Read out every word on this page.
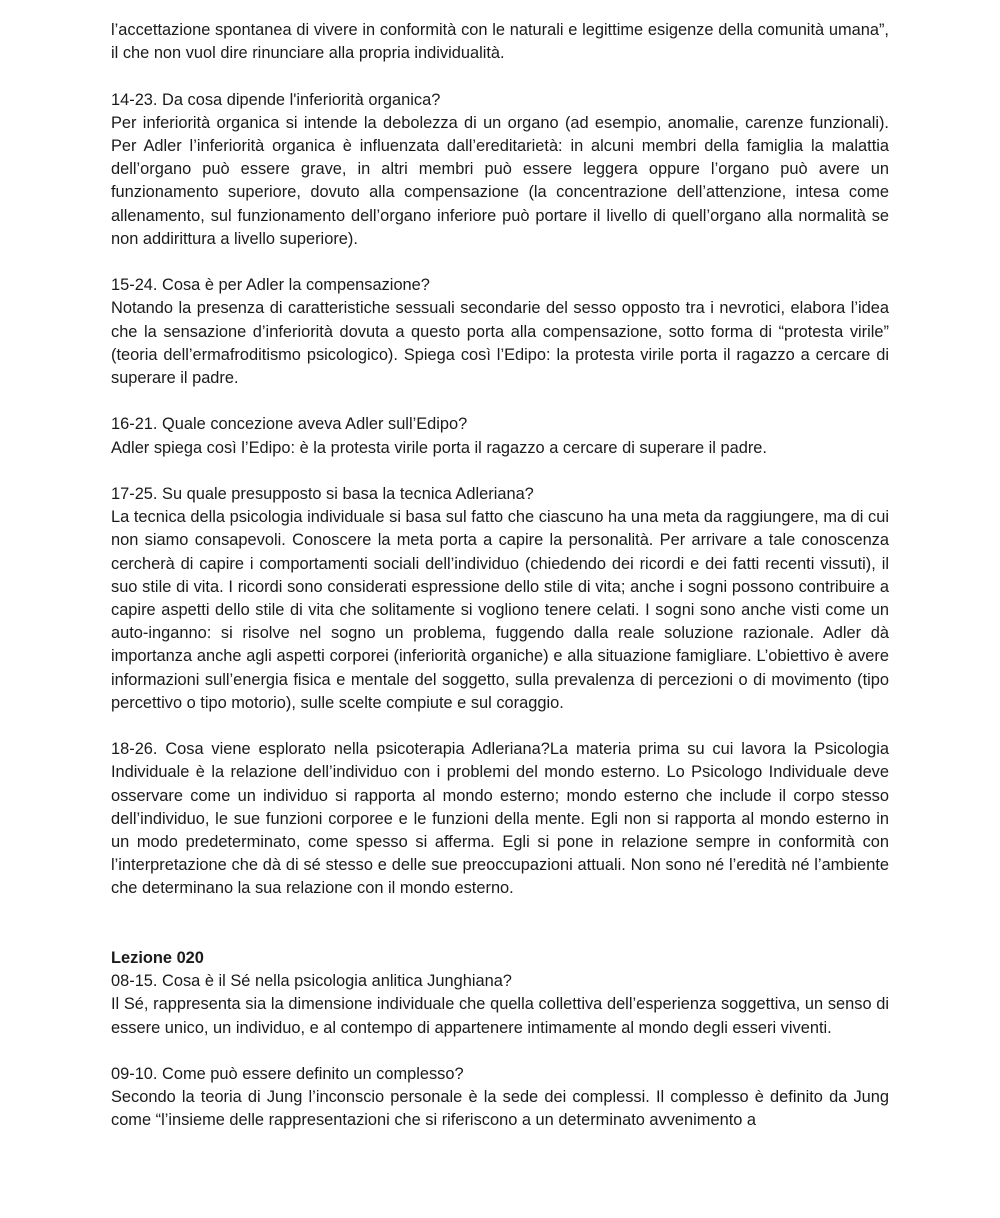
l’accettazione spontanea di vivere in conformità con le naturali e legittime esigenze della comunità umana”, il che non vuol dire rinunciare alla propria individualità.

14-23. Da cosa dipende l'inferiorità organica?

Per inferiorità organica si intende la debolezza di un organo (ad esempio, anomalie, carenze funzionali). Per Adler l’inferiorità organica è influenzata dall’ereditarietà: in alcuni membri della famiglia la malattia dell’organo può essere grave, in altri membri può essere leggera oppure l’organo può avere un funzionamento superiore, dovuto alla compensazione (la concentrazione dell’attenzione, intesa come allenamento, sul funzionamento dell’organo inferiore può portare il livello di quell’organo alla normalità se non addirittura a livello superiore).

15-24. Cosa è per Adler la compensazione?

Notando la presenza di caratteristiche sessuali secondarie del sesso opposto tra i nevrotici, elabora l’idea che la sensazione d’inferiorità dovuta a questo porta alla compensazione, sotto forma di “protesta virile” (teoria dell’ermafroditismo psicologico). Spiega così l’Edipo: la protesta virile porta il ragazzo a cercare di superare il padre.

16-21. Quale concezione aveva Adler sull’Edipo?

Adler spiega così l’Edipo: è la protesta virile porta il ragazzo a cercare di superare il padre.

17-25. Su quale presupposto si basa la tecnica Adleriana?

La tecnica della psicologia individuale si basa sul fatto che ciascuno ha una meta da raggiungere, ma di cui non siamo consapevoli. Conoscere la meta porta a capire la personalità. Per arrivare a tale conoscenza cercherà di capire i comportamenti sociali dell’individuo (chiedendo dei ricordi e dei fatti recenti vissuti), il suo stile di vita. I ricordi sono considerati espressione dello stile di vita; anche i sogni possono contribuire a capire aspetti dello stile di vita che solitamente si vogliono tenere celati. I sogni sono anche visti come un auto-inganno: si risolve nel sogno un problema, fuggendo dalla reale soluzione razionale. Adler dà importanza anche agli aspetti corporei (inferiorità organiche) e alla situazione famigliare. L’obiettivo è avere informazioni sull’energia fisica e mentale del soggetto, sulla prevalenza di percezioni o di movimento (tipo percettivo o tipo motorio), sulle scelte compiute e sul coraggio.

18-26. Cosa viene esplorato nella psicoterapia Adleriana?La materia prima su cui lavora la Psicologia Individuale è la relazione dell’individuo con i problemi del mondo esterno. Lo Psicologo Individuale deve osservare come un individuo si rapporta al mondo esterno; mondo esterno che include il corpo stesso dell’individuo, le sue funzioni corporee e le funzioni della mente. Egli non si rapporta al mondo esterno in un modo predeterminato, come spesso si afferma. Egli si pone in relazione sempre in conformità con l’interpretazione che dà di sé stesso e delle sue preoccupazioni attuali. Non sono né l’eredità né l’ambiente che determinano la sua relazione con il mondo esterno.

Lezione 020

08-15. Cosa è il Sé nella psicologia anlitica Junghiana?

Il Sé, rappresenta sia la dimensione individuale che quella collettiva dell’esperienza soggettiva, un senso di essere unico, un individuo, e al contempo di appartenere intimamente al mondo degli esseri viventi.

09-10. Come può essere definito un complesso?

Secondo la teoria di Jung l’inconscio personale è la sede dei complessi. Il complesso è definito da Jung come “l’insieme delle rappresentazioni che si riferiscono a un determinato avvenimento a
